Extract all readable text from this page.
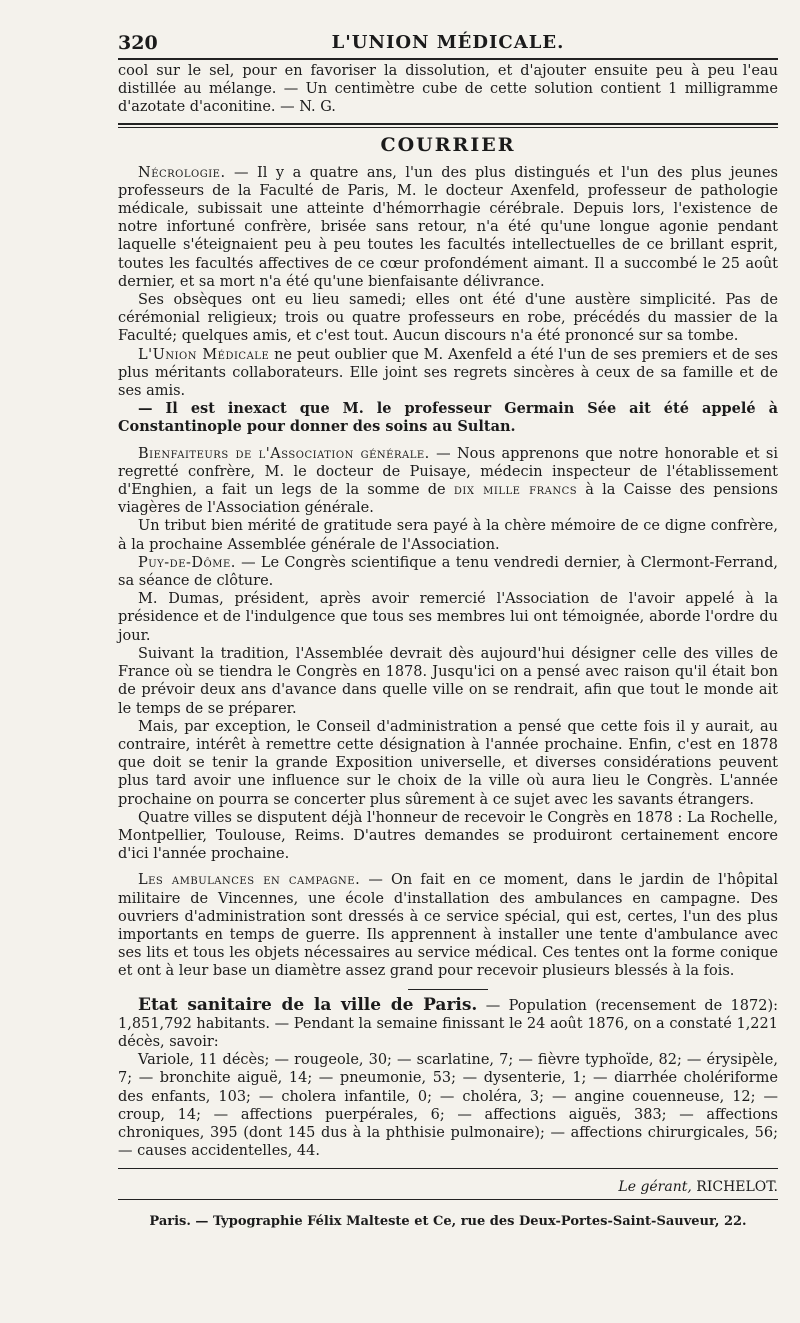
320	L'UNION MÉDICALE.

cool sur le sel, pour en favoriser la dissolution, et d'ajouter ensuite peu à peu l'eau distillée au mélange. — Un centimètre cube de cette solution contient 1 milligramme d'azotate d'aconitine. — N. G.

COURRIER

Nécrologie. — Il y a quatre ans, l'un des plus distingués et l'un des plus jeunes professeurs de la Faculté de Paris, M. le docteur Axenfeld, professeur de pathologie médicale, subissait une atteinte d'hémorrhagie cérébrale. Depuis lors, l'existence de notre infortuné confrère, brisée sans retour, n'a été qu'une longue agonie pendant laquelle s'éteignaient peu à peu toutes les facultés intellectuelles de ce brillant esprit, toutes les facultés affectives de ce cœur profondément aimant. Il a succombé le 25 août dernier, et sa mort n'a été qu'une bienfaisante délivrance.

Ses obsèques ont eu lieu samedi; elles ont été d'une austère simplicité. Pas de cérémonial religieux; trois ou quatre professeurs en robe, précédés du massier de la Faculté; quelques amis, et c'est tout. Aucun discours n'a été prononcé sur sa tombe.

L'Union Médicale ne peut oublier que M. Axenfeld a été l'un de ses premiers et de ses plus méritants collaborateurs. Elle joint ses regrets sincères à ceux de sa famille et de ses amis.

— Il est inexact que M. le professeur Germain Sée ait été appelé à Constantinople pour donner des soins au Sultan.

Bienfaiteurs de l'Association générale. — Nous apprenons que notre honorable et si regretté confrère, M. le docteur de Puisaye, médecin inspecteur de l'établissement d'Enghien, a fait un legs de la somme de dix mille francs à la Caisse des pensions viagères de l'Association générale.

Un tribut bien mérité de gratitude sera payé à la chère mémoire de ce digne confrère, à la prochaine Assemblée générale de l'Association.

Puy-de-Dôme. — Le Congrès scientifique a tenu vendredi dernier, à Clermont-Ferrand, sa séance de clôture.

M. Dumas, président, après avoir remercié l'Association de l'avoir appelé à la présidence et de l'indulgence que tous ses membres lui ont témoignée, aborde l'ordre du jour.

Suivant la tradition, l'Assemblée devrait dès aujourd'hui désigner celle des villes de France où se tiendra le Congrès en 1878. Jusqu'ici on a pensé avec raison qu'il était bon de prévoir deux ans d'avance dans quelle ville on se rendrait, afin que tout le monde ait le temps de se préparer.

Mais, par exception, le Conseil d'administration a pensé que cette fois il y aurait, au contraire, intérêt à remettre cette désignation à l'année prochaine. Enfin, c'est en 1878 que doit se tenir la grande Exposition universelle, et diverses considérations peuvent plus tard avoir une influence sur le choix de la ville où aura lieu le Congrès. L'année prochaine on pourra se concerter plus sûrement à ce sujet avec les savants étrangers.

Quatre villes se disputent déjà l'honneur de recevoir le Congrès en 1878 : La Rochelle, Montpellier, Toulouse, Reims. D'autres demandes se produiront certainement encore d'ici l'année prochaine.

Les ambulances en campagne. — On fait en ce moment, dans le jardin de l'hôpital militaire de Vincennes, une école d'installation des ambulances en campagne. Des ouvriers d'administration sont dressés à ce service spécial, qui est, certes, l'un des plus importants en temps de guerre. Ils apprennent à installer une tente d'ambulance avec ses lits et tous les objets nécessaires au service médical. Ces tentes ont la forme conique et ont à leur base un diamètre assez grand pour recevoir plusieurs blessés à la fois.

Etat sanitaire de la ville de Paris. — Population (recensement de 1872): 1,851,792 habitants. — Pendant la semaine finissant le 24 août 1876, on a constaté 1,221 décès, savoir:

Variole, 11 décès; — rougeole, 30; — scarlatine, 7; — fièvre typhoïde, 82; — érysipèle, 7; — bronchite aiguë, 14; — pneumonie, 53; — dysenterie, 1; — diarrhée cholériforme des enfants, 103; — cholera infantile, 0; — choléra, 3; — angine couenneuse, 12; — croup, 14; — affections puerpérales, 6; — affections aiguës, 383; — affections chroniques, 395 (dont 145 dus à la phthisie pulmonaire); — affections chirurgicales, 56; — causes accidentelles, 44.

Le gérant, RICHELOT.
Paris. — Typographie Félix Malteste et Ce, rue des Deux-Portes-Saint-Sauveur, 22.
